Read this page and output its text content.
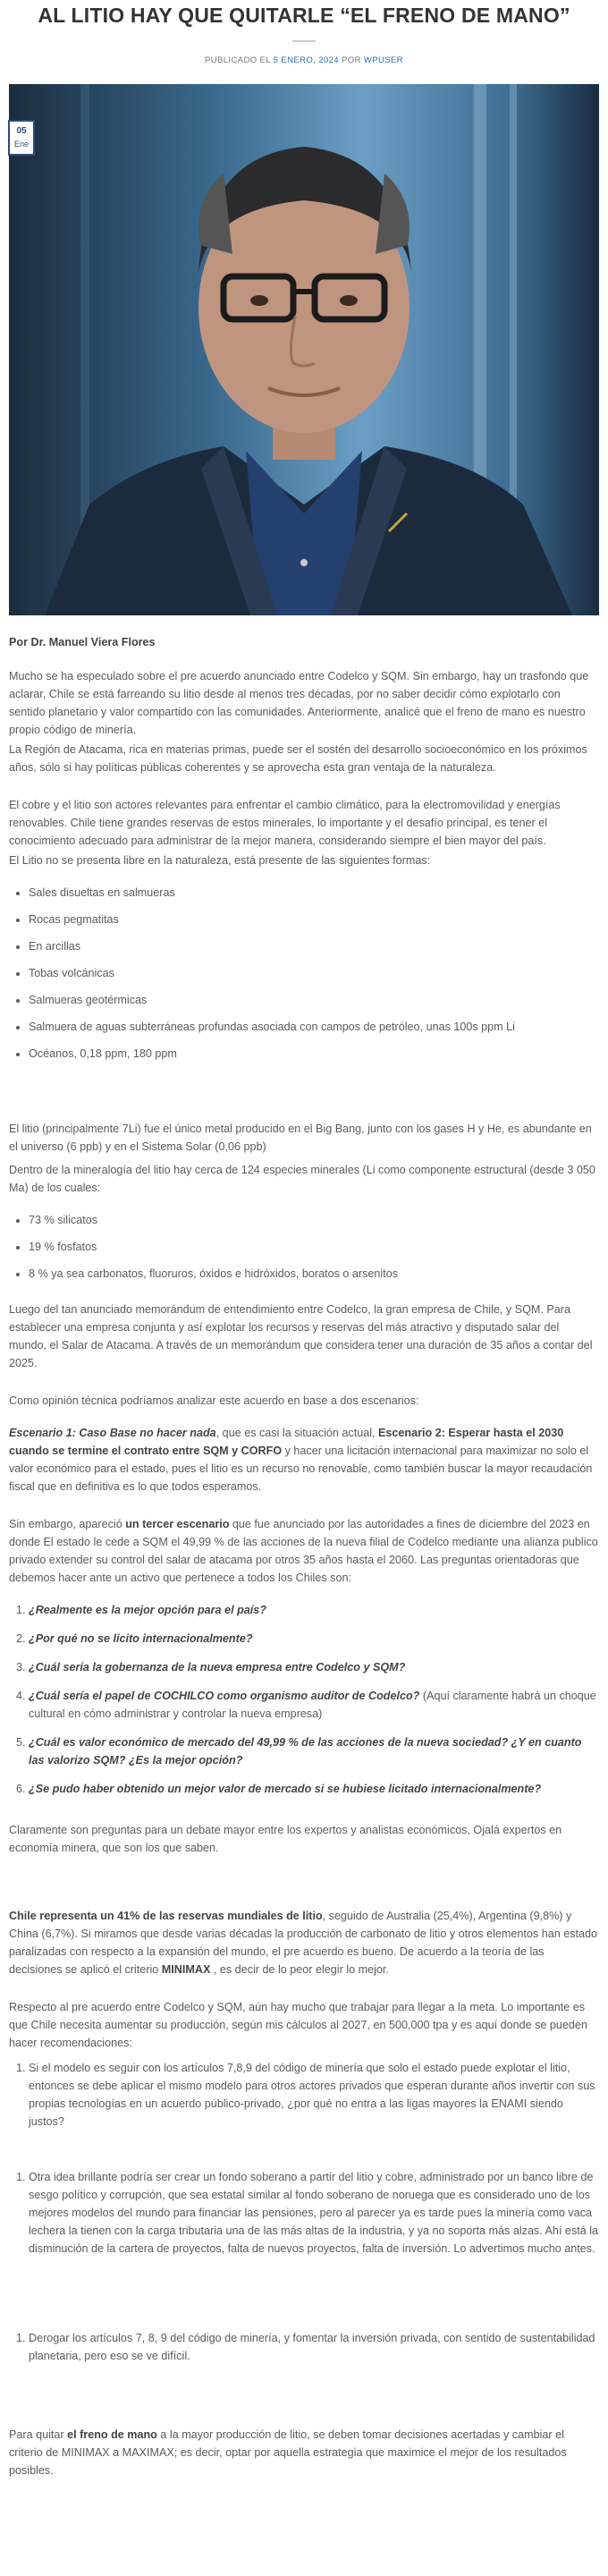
AL LITIO HAY QUE QUITARLE “EL FRENO DE MANO”
PUBLICADO EL 5 ENERO, 2024 POR WPUSER
05
Ene

Por Dr. Manuel Viera Flores

Mucho se ha especulado sobre el pre acuerdo anunciado entre Codelco y SQM. Sin embargo, hay un trasfondo que aclarar, Chile se está farreando su litio desde al menos tres décadas, por no saber decidir cómo explotarlo con sentido planetario y valor compartido con las comunidades. Anteriormente, analicé que el freno de mano es nuestro propio código de minería.

La Región de Atacama, rica en materias primas, puede ser el sostén del desarrollo socioeconómico en los próximos años, sólo si hay políticas públicas coherentes y se aprovecha esta gran ventaja de la naturaleza.

El cobre y el litio son actores relevantes para enfrentar el cambio climático, para la electromovilidad y energías renovables. Chile tiene grandes reservas de estos minerales, lo importante y el desafío principal, es tener el conocimiento adecuado para administrar de la mejor manera, considerando siempre el bien mayor del país.

El Litio no se presenta libre en la naturaleza, está presente de las siguientes formas:

• Sales disueltas en salmueras
• Rocas pegmatitas
• En arcillas
• Tobas volcánicas
• Salmueras geotérmicas
• Salmuera de aguas subterráneas profundas asociada con campos de petróleo, unas 100s ppm Li
• Océanos, 0,18 ppm, 180 ppm

El litio (principalmente 7Li) fue el único metal producido en el Big Bang, junto con los gases H y He, es abundante en el universo (6 ppb) y en el Sistema Solar (0,06 ppb)

Dentro de la mineralogía del litio hay cerca de 124 especies minerales (Li como componente estructural (desde 3 050 Ma) de los cuales:

• 73 % silicatos
• 19 % fosfatos
• 8 % ya sea carbonatos, fluoruros, óxidos e hidróxidos, boratos o arsenitos

Luego del tan anunciado memorándum de entendimiento entre Codelco, la gran empresa de Chile, y SQM. Para establecer una empresa conjunta y así explotar los recursos y reservas del más atractivo y disputado salar del mundo, el Salar de Atacama. A través de un memorándum que considera tener una duración de 35 años a contar del 2025.

Como opinión técnica podríamos analizar este acuerdo en base a dos escenarios:

Escenario 1: Caso Base no hacer nada, que es casi la situación actual, Escenario 2: Esperar hasta el 2030 cuando se termine el contrato entre SQM y CORFO y hacer una licitación internacional para maximizar no solo el valor económico para el estado, pues el litio es un recurso no renovable, como también buscar la mayor recaudación fiscal que en definitiva es lo que todos esperamos.

Sin embargo, apareció un tercer escenario que fue anunciado por las autoridades a fines de diciembre del 2023 en donde El estado le cede a SQM el 49,99 % de las acciones de la nueva filial de Codelco mediante una alianza publico privado extender su control del salar de atacama por otros 35 años hasta el 2060. Las preguntas orientadoras que debemos hacer ante un activo que pertenece a todos los Chiles son:

1. ¿Realmente es la mejor opción para el país?
2. ¿Por qué no se licito internacionalmente?
3. ¿Cuál sería la gobernanza de la nueva empresa entre Codelco y SQM?
4. ¿Cuál sería el papel de COCHILCO como organismo auditor de Codelco? (Aquí claramente habrá un choque cultural en cómo administrar y controlar la nueva empresa)
5. ¿Cuál es valor económico de mercado del 49,99 % de las acciones de la nueva sociedad? ¿Y en cuanto las valorizo SQM? ¿Es la mejor opción?
6. ¿Se pudo haber obtenido un mejor valor de mercado si se hubiese licitado internacionalmente?

Claramente son preguntas para un debate mayor entre los expertos y analistas económicos, Ojalá expertos en economía minera, que son los que saben.

Chile representa un 41% de las reservas mundiales de litio, seguido de Australia (25,4%), Argentina (9,8%) y China (6,7%). Si miramos que desde varias décadas la producción de carbonato de litio y otros elementos han estado paralizadas con respecto a la expansión del mundo, el pre acuerdo es bueno. De acuerdo a la teoría de las decisiones se aplicó el criterio MINIMAX , es decir de lo peor elegir lo mejor.

Respecto al pre acuerdo entre Codelco y SQM, aún hay mucho que trabajar para llegar a la meta. Lo importante es que Chile necesita aumentar su producción, según mis cálculos al 2027, en 500,000 tpa y es aquí donde se pueden hacer recomendaciones:

1. Si el modelo es seguir con los artículos 7,8,9 del código de minería que solo el estado puede explotar el litio, entonces se debe aplicar el mismo modelo para otros actores privados que esperan durante años invertir con sus propias tecnologías en un acuerdo público-privado, ¿por qué no entra a las ligas mayores la ENAMI siendo justos?
1. Otra idea brillante podría ser crear un fondo soberano a partir del litio y cobre, administrado por un banco libre de sesgo político y corrupción, que sea estatal similar al fondo soberano de noruega que es considerado uno de los mejores modelos del mundo para financiar las pensiones, pero al parecer ya es tarde pues la minería como vaca lechera la tienen con la carga tributaria una de las más altas de la industria, y ya no soporta más alzas. Ahí está la disminución de la cartera de proyectos, falta de nuevos proyectos, falta de inversión. Lo advertimos mucho antes.
1. Derogar los artículos 7, 8, 9 del código de minería, y fomentar la inversión privada, con sentido de sustentabilidad planetaria, pero eso se ve difícil.

Para quitar el freno de mano a la mayor producción de litio, se deben tomar decisiones acertadas y cambiar el criterio de MINIMAX a MAXIMAX; es decir, optar por aquella estrategia que maximice el mejor de los resultados posibles.
